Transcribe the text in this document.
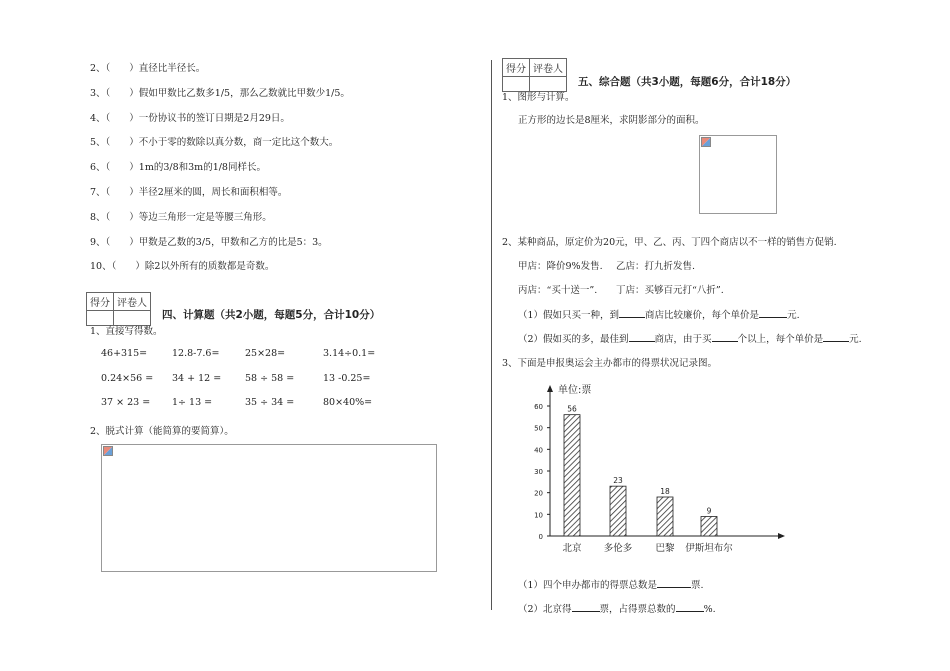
2、（　　）直径比半径长。
3、（　　）假如甲数比乙数多1/5，那么乙数就比甲数少1/5。
4、（　　）一份协议书的签订日期是2月29日。
5、（　　）不小于零的数除以真分数，商一定比这个数大。
6、（　　）1m的3/8和3m的1/8同样长。
7、（　　）半径2厘米的圆，周长和面积相等。
8、（　　）等边三角形一定是等腰三角形。
9、（　　）甲数是乙数的3/5，甲数和乙方的比是5：3。
10、（　　）除2以外所有的质数都是奇数。
得分	评卷人

四、计算题（共2小题，每题5分，合计10分）
1、直接写得数。
46+315=	12.8-7.6=	25×28=	3.14÷0.1=
0.24×56 = 34 + 12 =	58 ÷ 58 =	13 -0.25=
37 × 23 = 1÷ 13 =	35 ÷ 34 =	80×40%=
2、脱式计算（能简算的要简算）。
得分	评卷人

五、综合题（共3小题，每题6分，合计18分）
1、图形与计算。
正方形的边长是8厘米，求阴影部分的面积。
2、某种商品，原定价为20元，甲、乙、丙、丁四个商店以不一样的销售方促销.
甲店：降价9%发售. 乙店：打九折发售.
丙店：“买十送一”. 丁店：买够百元打“八折”.
（1）假如只买一种，到	商店比较廉价，每个单价是	元.
（2）假如买的多，最佳到	商店，由于买	个以上，每个单价是	元.
3、下面是申报奥运会主办都市的得票状况记录图。
单位:票
0
10
20
30
40
50
60	56
北京
23
多伦多
18
巴黎
9
伊斯坦布尔
（1）四个申办都市的得票总数是	票.
（2）北京得	票，占得票总数的	%.
